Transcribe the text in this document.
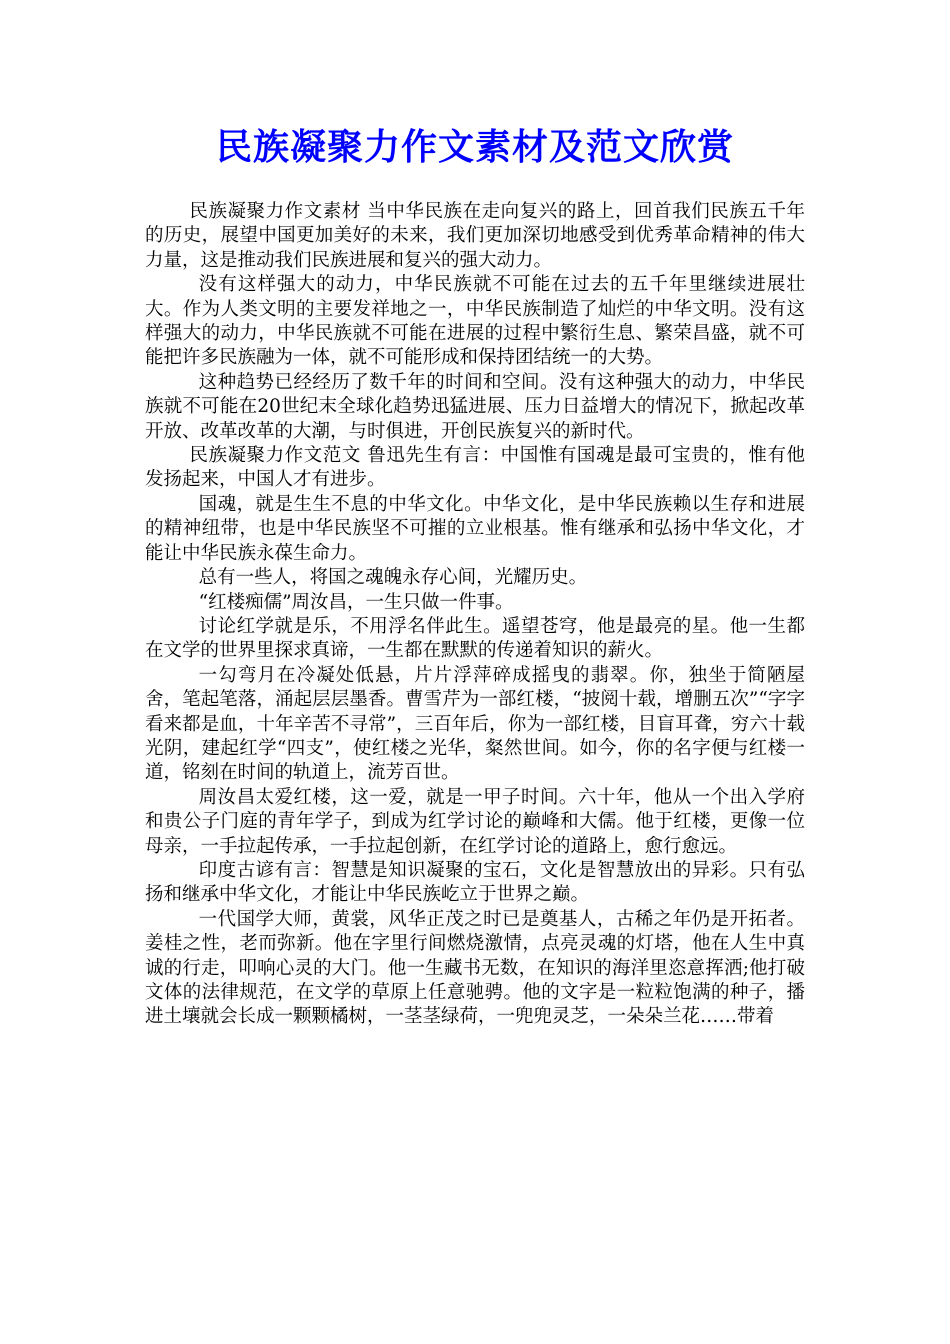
民族凝聚力作文素材及范文欣赏

民族凝聚力作文素材 当中华民族在走向复兴的路上，回首我们民族五千年的历史，展望中国更加美好的未来，我们更加深切地感受到优秀革命精神的伟大力量，这是推动我们民族进展和复兴的强大动力。

没有这样强大的动力，中华民族就不可能在过去的五千年里继续进展壮大。作为人类文明的主要发祥地之一，中华民族制造了灿烂的中华文明。没有这样强大的动力，中华民族就不可能在进展的过程中繁衍生息、繁荣昌盛，就不可能把许多民族融为一体，就不可能形成和保持团结统一的大势。

这种趋势已经经历了数千年的时间和空间。没有这种强大的动力，中华民族就不可能在20世纪末全球化趋势迅猛进展、压力日益增大的情况下，掀起改革开放、改革改革的大潮，与时俱进，开创民族复兴的新时代。

民族凝聚力作文范文 鲁迅先生有言：中国惟有国魂是最可宝贵的，惟有他发扬起来，中国人才有进步。

国魂，就是生生不息的中华文化。中华文化，是中华民族赖以生存和进展的精神纽带，也是中华民族坚不可摧的立业根基。惟有继承和弘扬中华文化，才能让中华民族永葆生命力。

总有一些人，将国之魂魄永存心间，光耀历史。

“红楼痴儒”周汝昌，一生只做一件事。

讨论红学就是乐，不用浮名伴此生。遥望苍穹，他是最亮的星。他一生都在文学的世界里探求真谛，一生都在默默的传递着知识的薪火。

一勾弯月在冷凝处低悬，片片浮萍碎成摇曳的翡翠。你，独坐于简陋屋舍，笔起笔落，涌起层层墨香。曹雪芹为一部红楼，“披阅十载，增删五次”“字字看来都是血，十年辛苦不寻常”，三百年后，你为一部红楼，目盲耳聋，穷六十载光阴，建起红学“四支”，使红楼之光华，粲然世间。如今，你的名字便与红楼一道，铭刻在时间的轨道上，流芳百世。

周汝昌太爱红楼，这一爱，就是一甲子时间。六十年，他从一个出入学府和贵公子门庭的青年学子，到成为红学讨论的巅峰和大儒。他于红楼，更像一位母亲，一手拉起传承，一手拉起创新，在红学讨论的道路上，愈行愈远。

印度古谚有言：智慧是知识凝聚的宝石，文化是智慧放出的异彩。只有弘扬和继承中华文化，才能让中华民族屹立于世界之巅。

一代国学大师，黄裳，风华正茂之时已是奠基人，古稀之年仍是开拓者。姜桂之性，老而弥新。他在字里行间燃烧激情，点亮灵魂的灯塔，他在人生中真诚的行走，叩响心灵的大门。他一生藏书无数，在知识的海洋里恣意挥洒;他打破文体的法律规范，在文学的草原上任意驰骋。他的文字是一粒粒饱满的种子，播进土壤就会长成一颗颗橘树，一茎茎绿荷，一兜兜灵芝，一朵朵兰花……带着
